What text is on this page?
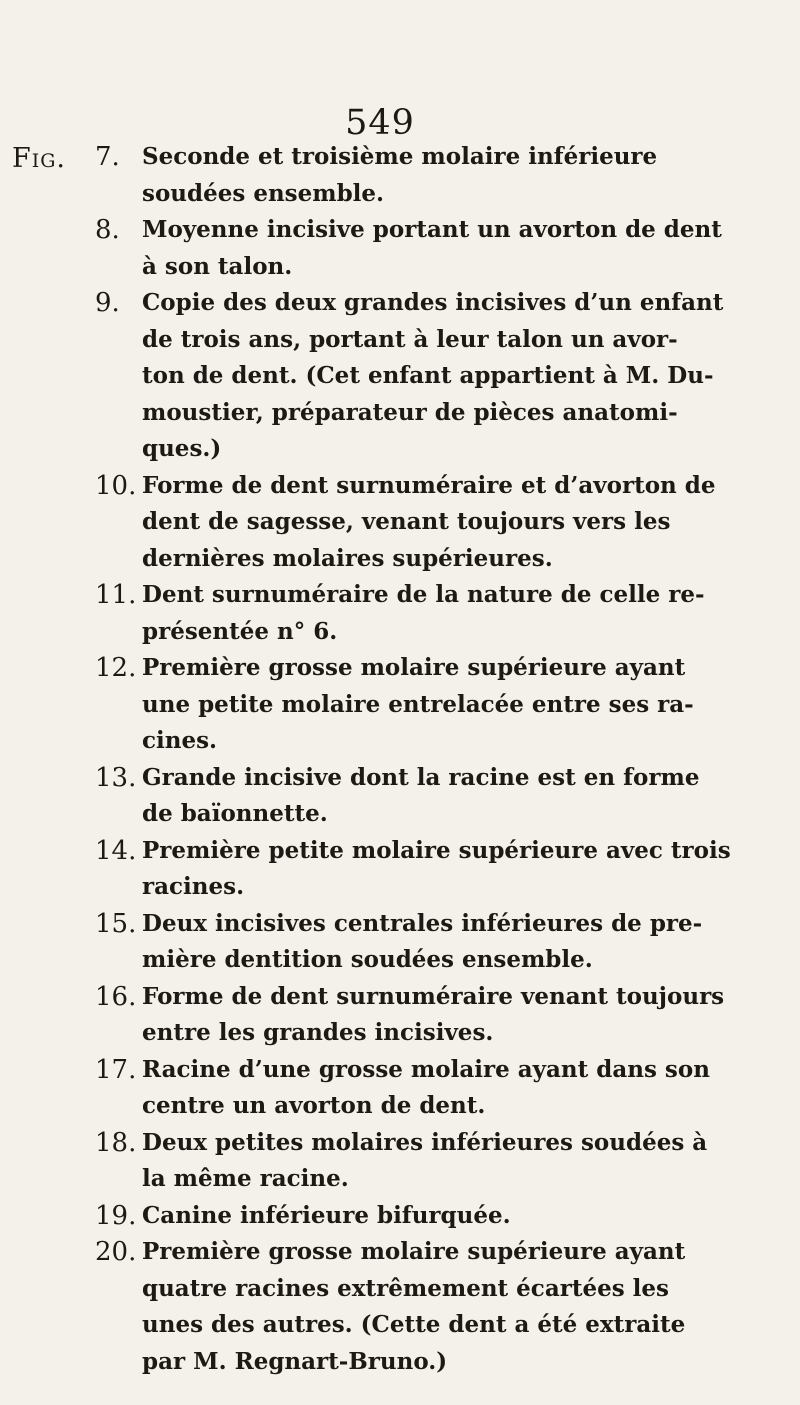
549
Fig. 7. Seconde et troisième molaire inférieure
soudées ensemble.
8. Moyenne incisive portant un avorton de dent
à son talon.
9. Copie des deux grandes incisives d’un enfant
de trois ans, portant à leur talon un avor-
ton de dent. (Cet enfant appartient à M. Du-
moustier, préparateur de pièces anatomi-
ques.)
10. Forme de dent surnuméraire et d’avorton de
dent de sagesse, venant toujours vers les
dernières molaires supérieures.
11. Dent surnuméraire de la nature de celle re-
présentée n° 6.
12. Première grosse molaire supérieure ayant
une petite molaire entrelacée entre ses ra-
cines.
13. Grande incisive dont la racine est en forme
de baïonnette.
14. Première petite molaire supérieure avec trois
racines.
15. Deux incisives centrales inférieures de pre-
mière dentition soudées ensemble.
16. Forme de dent surnuméraire venant toujours
entre les grandes incisives.
17. Racine d’une grosse molaire ayant dans son
centre un avorton de dent.
18. Deux petites molaires inférieures soudées à
la même racine.
19. Canine inférieure bifurquée.
20. Première grosse molaire supérieure ayant
quatre racines extrêmement écartées les
unes des autres. (Cette dent a été extraite
par M. Regnart-Bruno.)
